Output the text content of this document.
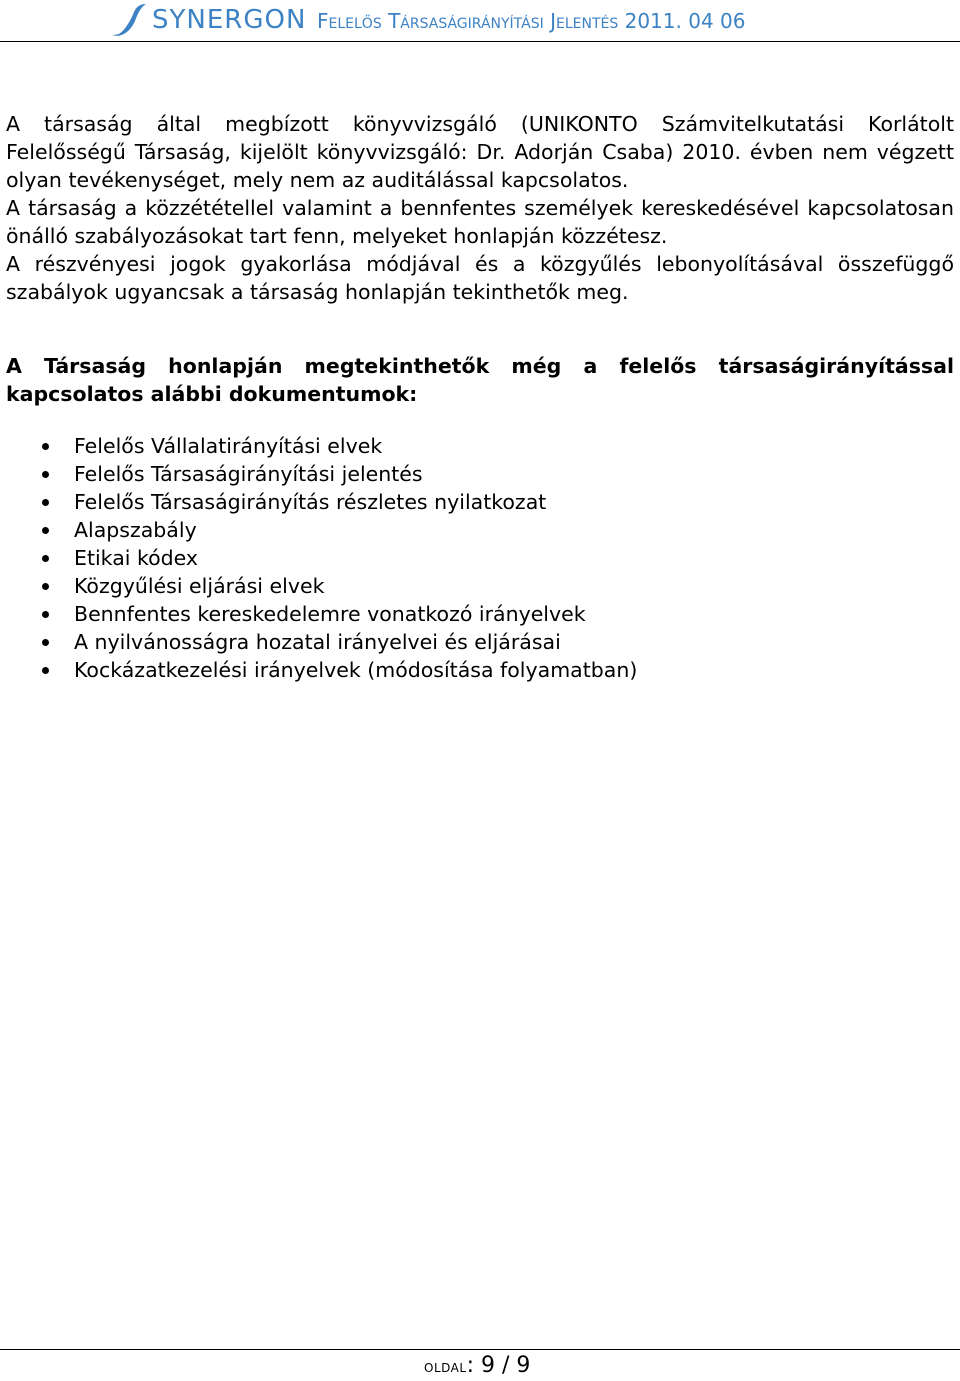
SYNERGON Felelős Társaságirányítási Jelentés 2011. 04 06

A társaság által megbízott könyvvizsgáló (UNIKONTO Számvitelkutatási Korlátolt Felelősségű Társaság, kijelölt könyvvizsgáló: Dr. Adorján Csaba) 2010. évben nem végzett olyan tevékenységet, mely nem az auditálással kapcsolatos.

A társaság a közzététellel valamint a bennfentes személyek kereskedésével kapcsolatosan önálló szabályozásokat tart fenn, melyeket honlapján közzétesz.

A részvényesi jogok gyakorlása módjával és a közgyűlés lebonyolításával összefüggő szabályok ugyancsak a társaság honlapján tekinthetők meg.

A Társaság honlapján megtekinthetők még a felelős társaságirányítással kapcsolatos alábbi dokumentumok:

Felelős Vállalatirányítási elvek
Felelős Társaságirányítási jelentés
Felelős Társaságirányítás részletes nyilatkozat
Alapszabály
Etikai kódex
Közgyűlési eljárási elvek
Bennfentes kereskedelemre vonatkozó irányelvek
A nyilvánosságra hozatal irányelvei és eljárásai
Kockázatkezelési irányelvek (módosítása folyamatban)
oldal: 9 / 9
